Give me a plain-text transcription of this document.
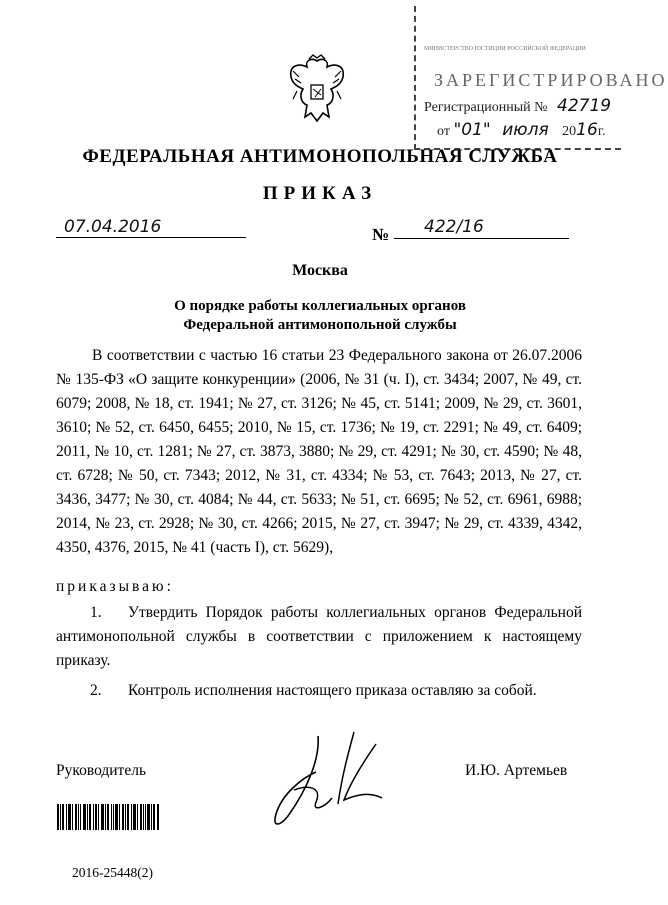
МИНИСТЕРСТВО ЮСТИЦИИ РОССИЙСКОЙ ФЕДЕРАЦИИ
ЗАРЕГИСТРИРОВАНО
Регистрационный № 42719
от "01" июля 2016г.
ФЕДЕРАЛЬНАЯ АНТИМОНОПОЛЬНАЯ СЛУЖБА
ПРИКАЗ
07.04.2016	№ 422/16
Москва
О порядке работы коллегиальных органов
Федеральной антимонопольной службы
В соответствии с частью 16 статьи 23 Федерального закона от 26.07.2006 № 135-ФЗ «О защите конкуренции» (2006, № 31 (ч. I), ст. 3434; 2007, № 49, ст. 6079; 2008, № 18, ст. 1941; № 27, ст. 3126; № 45, ст. 5141; 2009, № 29, ст. 3601, 3610; № 52, ст. 6450, 6455; 2010, № 15, ст. 1736; № 19, ст. 2291; № 49, ст. 6409; 2011, № 10, ст. 1281; № 27, ст. 3873, 3880; № 29, ст. 4291; № 30, ст. 4590; № 48, ст. 6728; № 50, ст. 7343; 2012, № 31, ст. 4334; № 53, ст. 7643; 2013, № 27, ст. 3436, 3477; № 30, ст. 4084; № 44, ст. 5633; № 51, ст. 6695; № 52, ст. 6961, 6988; 2014, № 23, ст. 2928; № 30, ст. 4266; 2015, № 27, ст. 3947; № 29, ст. 4339, 4342, 4350, 4376, 2015, № 41 (часть I), ст. 5629),
приказываю:
1. Утвердить Порядок работы коллегиальных органов Федеральной антимонопольной службы в соответствии с приложением к настоящему приказу.
2. Контроль исполнения настоящего приказа оставляю за собой.
Руководитель	И.Ю. Артемьев
2016-25448(2)
